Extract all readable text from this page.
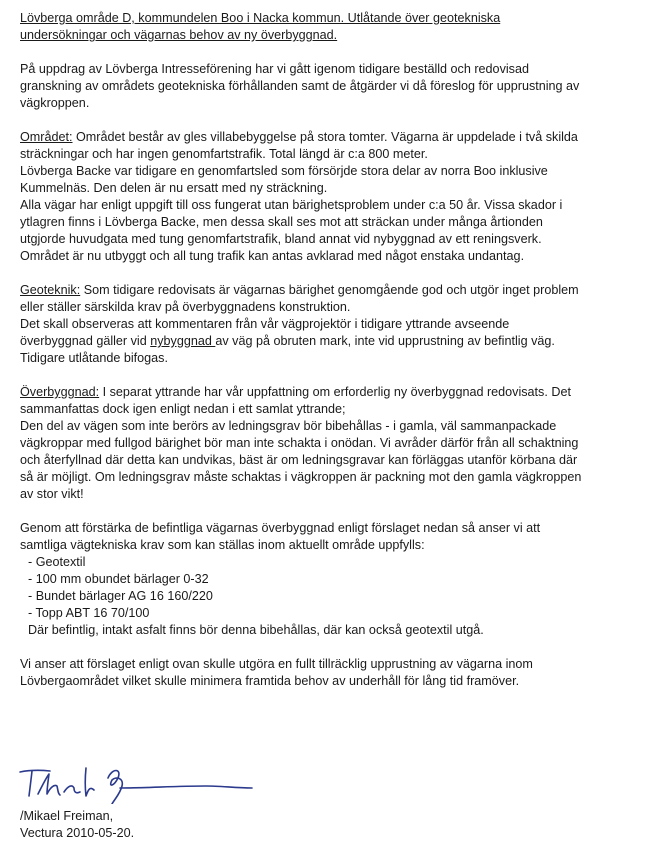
Lövberga område D, kommundelen Boo i Nacka kommun. Utlåtande över geotekniska
undersökningar och vägarnas behov av ny överbyggnad.
På uppdrag av Lövberga Intresseförening har vi gått igenom tidigare beställd och redovisad
granskning av områdets geotekniska förhållanden samt de åtgärder vi då föreslog för upprustning av
vägkroppen.
Området: Området består av gles villabebyggelse på stora tomter. Vägarna är uppdelade i två skilda
sträckningar och har ingen genomfartstrafik. Total längd är c:a 800 meter.
Lövberga Backe var tidigare en genomfartsled som försörjde stora delar av norra Boo inklusive
Kummelnäs. Den delen är nu ersatt med ny sträckning.
Alla vägar har enligt uppgift till oss fungerat utan bärighetsproblem under c:a 50 år. Vissa skador i
ytlagren finns i Lövberga Backe, men dessa skall ses mot att sträckan under många årtionden
utgjorde huvudgata med tung genomfartstrafik, bland annat vid nybyggnad av ett reningsverk.
Området är nu utbyggt och all tung trafik kan antas avklarad med något enstaka undantag.
Geoteknik: Som tidigare redovisats är vägarnas bärighet genomgående god och utgör inget problem
eller ställer särskilda krav på överbyggnadens konstruktion.
Det skall observeras att kommentaren från vår vägprojektör i tidigare yttrande avseende
överbyggnad gäller vid nybyggnad av väg på obruten mark, inte vid upprustning av befintlig väg.
Tidigare utlåtande bifogas.
Överbyggnad: I separat yttrande har vår uppfattning om erforderlig ny överbyggnad redovisats. Det
sammanfattas dock igen enligt nedan i ett samlat yttrande;
Den del av vägen som inte berörs av ledningsgrav bör bibehållas - i gamla, väl sammanpackade
vägkroppar med fullgod bärighet bör man inte schakta i onödan. Vi avråder därför från all schaktning
och återfyllnad där detta kan undvikas, bäst är om ledningsgravar kan förläggas utanför körbana där
så är möjligt. Om ledningsgrav måste schaktas i vägkroppen är packning mot den gamla vägkroppen
av stor vikt!
Genom att förstärka de befintliga vägarnas överbyggnad enligt förslaget nedan så anser vi att
samtliga vägtekniska krav som kan ställas inom aktuellt område uppfylls:
- Geotextil
- 100 mm obundet bärlager 0-32
- Bundet bärlager AG 16 160/220
- Topp ABT 16 70/100
Där befintlig, intakt asfalt finns bör denna bibehållas, där kan också geotextil utgå.
Vi anser att förslaget enligt ovan skulle utgöra en fullt tillräcklig upprustning av vägarna inom
Lövbergaområdet vilket skulle minimera framtida behov av underhåll för lång tid framöver.
/Mikael Freiman,
Vectura 2010-05-20.
